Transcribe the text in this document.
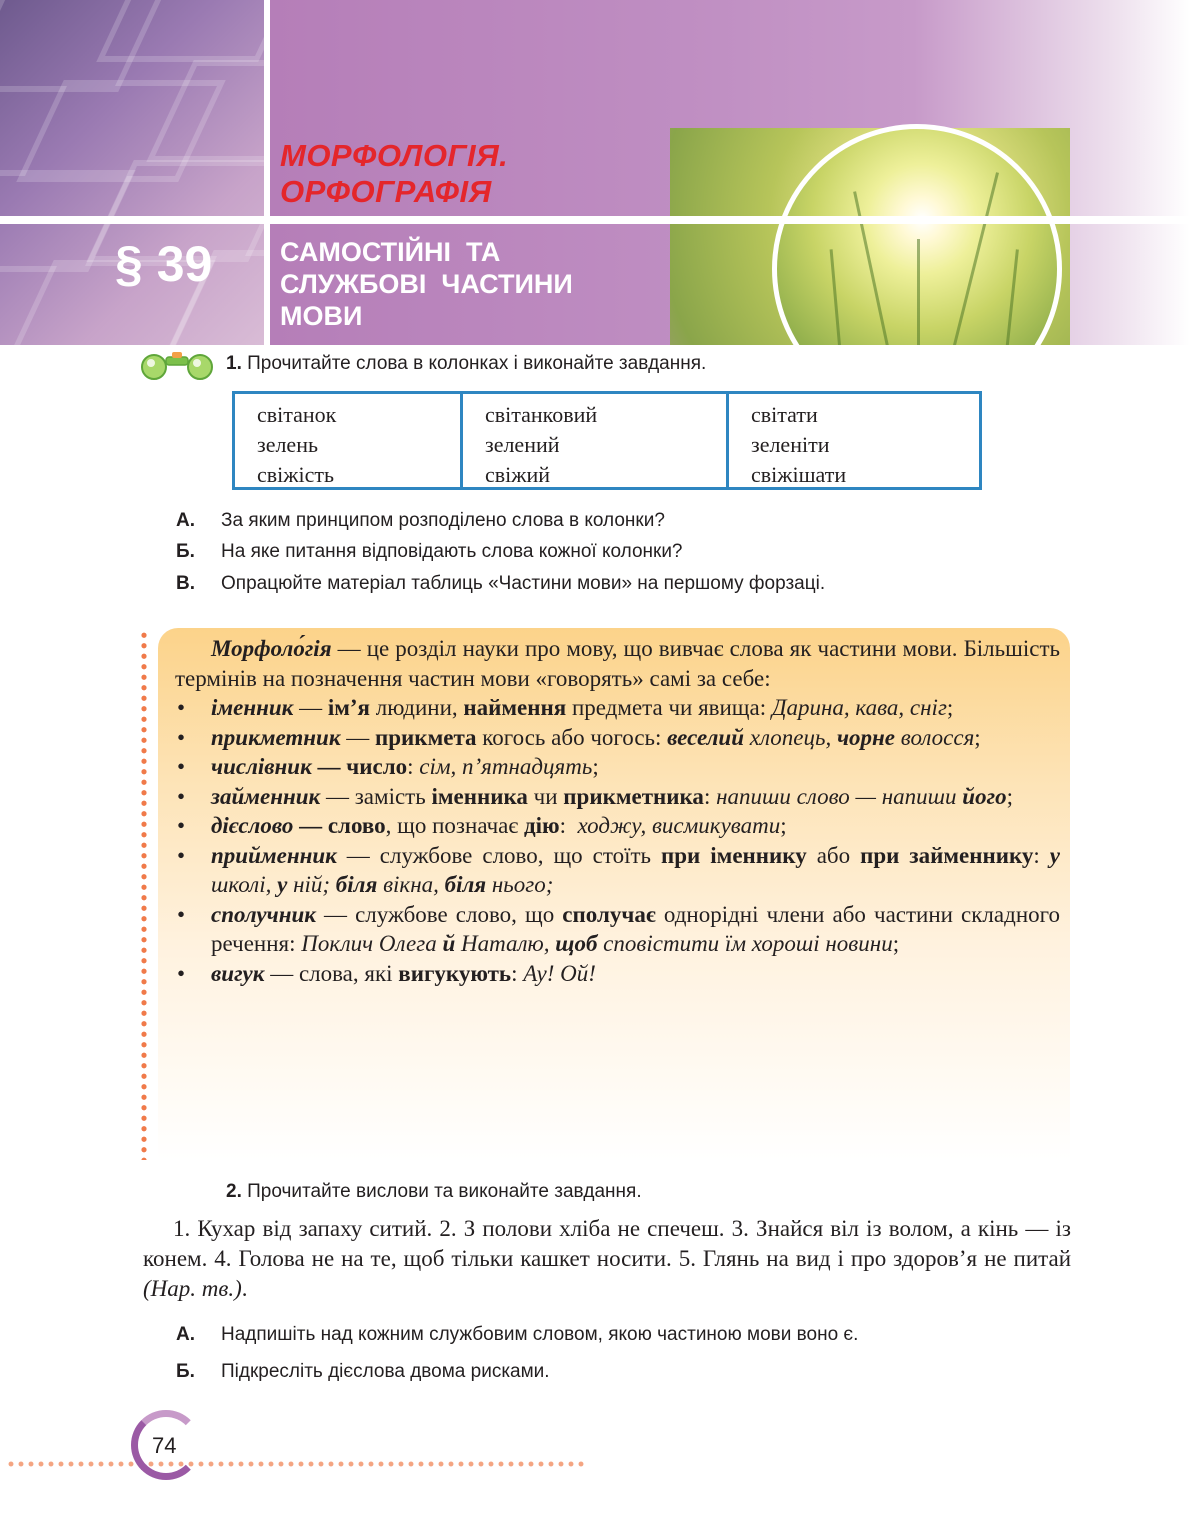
МОРФОЛОГІЯ.
ОРФОГРАФІЯ
§ 39	САМОСТІЙНІ  ТА
СЛУЖБОВІ  ЧАСТИНИ
МОВИ
1. Прочитайте слова в колонках і виконайте завдання.
світанок
зелень
свіжість
світанковий
зелений
свіжий
світати
зеленіти
свіжішати
А. За яким принципом розподілено слова в колонки?
Б. На яке питання відповідають слова кожної колонки?
В. Опрацюйте матеріал таблиць «Частини мови» на першому форзаці.

Морфоло́гія — це розділ науки про мову, що вивчає слова як частини мови. Більшість термінів на позначення частин мови «говорять» самі за себе:

• іменник — ім’я людини, наймення предмета чи явища: Дарина, кава, сніг;
• прикметник — прикмета когось або чогось: веселий хлопець, чорне волосся;
• числівник — число: сім, п’ятнадцять;
• займенник — замість іменника чи прикметника: напиши слово — напиши його;
• дієслово — слово, що позначає дію:  ходжу, висмикувати;
• прийменник — службове слово, що стоїть при іменнику або при займеннику: у школі, у ній; біля вікна, біля нього;
• сполучник — службове слово, що сполучає однорідні члени або частини складного речення: Поклич Олега й Наталю, щоб сповістити їм хороші новини;
• вигук — слова, які вигукують: Ау! Ой!
2. Прочитайте вислови та виконайте завдання.
1. Кухар від запаху ситий. 2. З полови хліба не спечеш. 3. Знайся віл із волом, а кінь — із конем. 4. Голова не на те, щоб тільки кашкет носити. 5. Глянь на вид і про здоров’я не питай (Нар. тв.).
А. Надпишіть над кожним службовим словом, якою частиною мови воно є.
Б. Підкресліть дієслова двома рисками.
74
